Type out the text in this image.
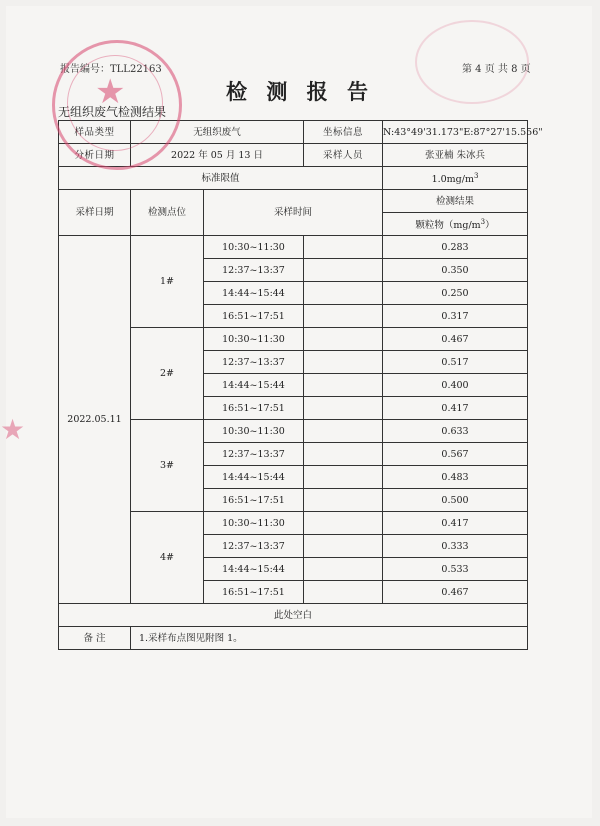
报告编号：TLL22163	第 4 页 共 8 页
检 测 报 告
无组织废气检测结果
样品类型	无组织废气		坐标信息	N:43°49'31.173"E:87°27'15.556"
分析日期	2022 年 05 月 13 日		采样人员	张亚楠 朱冰兵
标准限值				$1.0mg/m^3$
采样日期	检测点位	采样时间		检测结果
				颗粒物$(mg/m^3)$
2022.05.11	1#	10:30~11:30		0.283
		12:37~13:37		0.350
		14:44~15:44		0.250
		16:51~17:51		0.317
	2#	10:30~11:30		0.467
		12:37~13:37		0.517
		14:44~15:44		0.400
		16:51~17:51		0.417
	3#	10:30~11:30		0.633
		12:37~13:37		0.567
		14:44~15:44		0.483
		16:51~17:51		0.500
	4#	10:30~11:30		0.417
		12:37~13:37		0.333
		14:44~15:44		0.533
		16:51~17:51		0.467
此处空白				
备 注	1.采样布点图见附图 1。			
★
★
